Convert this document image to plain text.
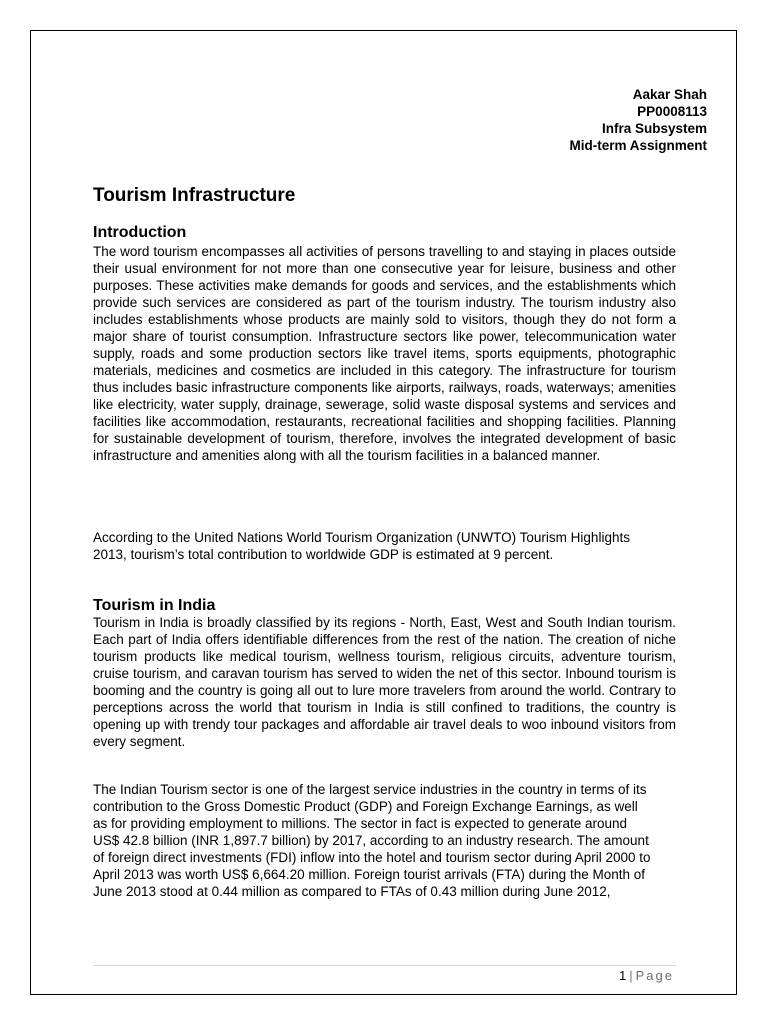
Aakar Shah
PP0008113
Infra Subsystem
Mid-term Assignment
Tourism Infrastructure
Introduction

The word tourism encompasses all activities of persons travelling to and staying in places outside their usual environment for not more than one consecutive year for leisure, business and other purposes. These activities make demands for goods and services, and the establishments which provide such services are considered as part of the tourism industry. The tourism industry also includes establishments whose products are mainly sold to visitors, though they do not form a major share of tourist consumption. Infrastructure sectors like power, telecommunication water supply, roads and some production sectors like travel items, sports equipments, photographic materials, medicines and cosmetics are included in this category. The infrastructure for tourism thus includes basic infrastructure components like airports, railways, roads, waterways; amenities like electricity, water supply, drainage, sewerage, solid waste disposal systems and services and facilities like accommodation, restaurants, recreational facilities and shopping facilities. Planning for sustainable development of tourism, therefore, involves the integrated development of basic infrastructure and amenities along with all the tourism facilities in a balanced manner.

According to the United Nations World Tourism Organization (UNWTO) Tourism Highlights 2013, tourism’s total contribution to worldwide GDP is estimated at 9 percent.

Tourism in India

Tourism in India is broadly classified by its regions - North, East, West and South Indian tourism. Each part of India offers identifiable differences from the rest of the nation. The creation of niche tourism products like medical tourism, wellness tourism, religious circuits, adventure tourism, cruise tourism, and caravan tourism has served to widen the net of this sector. Inbound tourism is booming and the country is going all out to lure more travelers from around the world. Contrary to perceptions across the world that tourism in India is still confined to traditions, the country is opening up with trendy tour packages and affordable air travel deals to woo inbound visitors from every segment.

The Indian Tourism sector is one of the largest service industries in the country in terms of its contribution to the Gross Domestic Product (GDP) and Foreign Exchange Earnings, as well as for providing employment to millions. The sector in fact is expected to generate around US$ 42.8 billion (INR 1,897.7 billion) by 2017, according to an industry research. The amount of foreign direct investments (FDI) inflow into the hotel and tourism sector during April 2000 to April 2013 was worth US$ 6,664.20 million. Foreign tourist arrivals (FTA) during the Month of June 2013 stood at 0.44 million as compared to FTAs of 0.43 million during June 2012,

1 | Page
